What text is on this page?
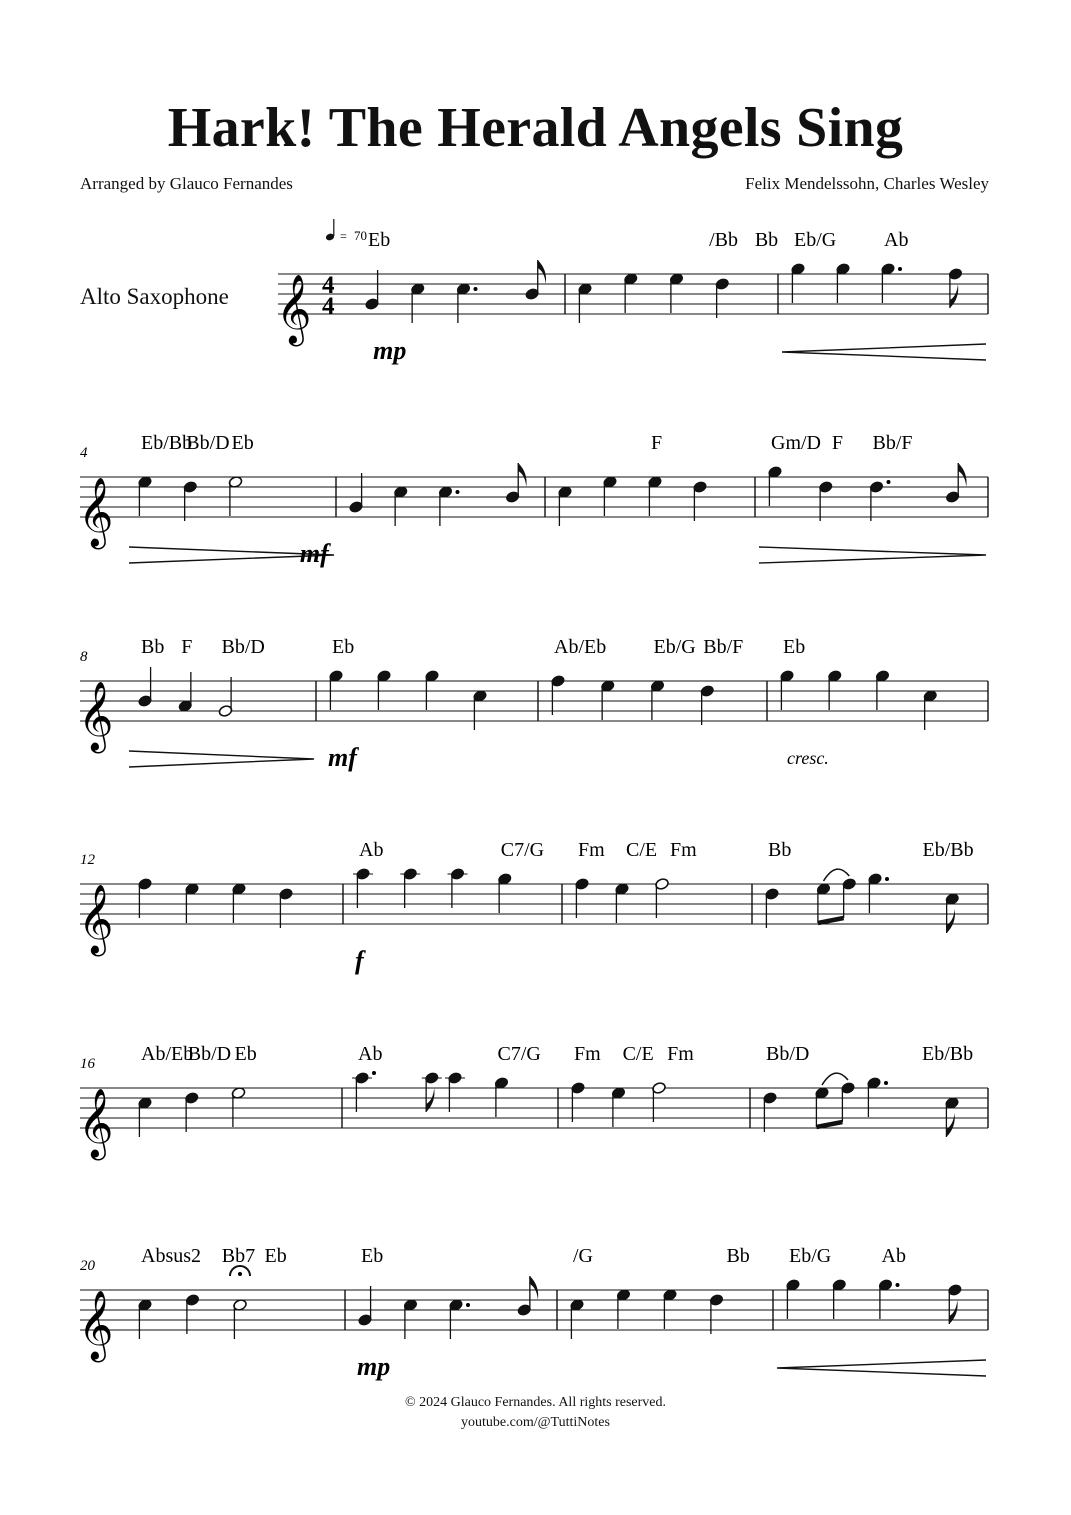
Hark! The Herald Angels Sing
Arranged by Glauco Fernandes	Felix Mendelssohn, Charles Wesley
Alto Saxophone
= 70
𝄞 4
4
Eb	/Bb Bb Eb/G Ab
mp
𝄞
4	Eb/Bb
Bb/D Eb	F	Gm/D F Bb/F
mf
𝄞
8	Bb F Bb/D	Eb	Ab/Eb Eb/G Bb/F Eb
mf	cresc.
𝄞
12	Ab	C7/G Fm C/E Fm	Bb	Eb/Bb
f
𝄞
16 Ab/Eb
Bb/D Eb	Ab	C7/G Fm C/E Fm	Bb/D	Eb/Bb
𝄞
20 Absus2 Bb7 Eb	Eb	/G	Bb Eb/G	Ab
mp
© 2024 Glauco Fernandes. All rights reserved.
youtube.com/@TuttiNotes
